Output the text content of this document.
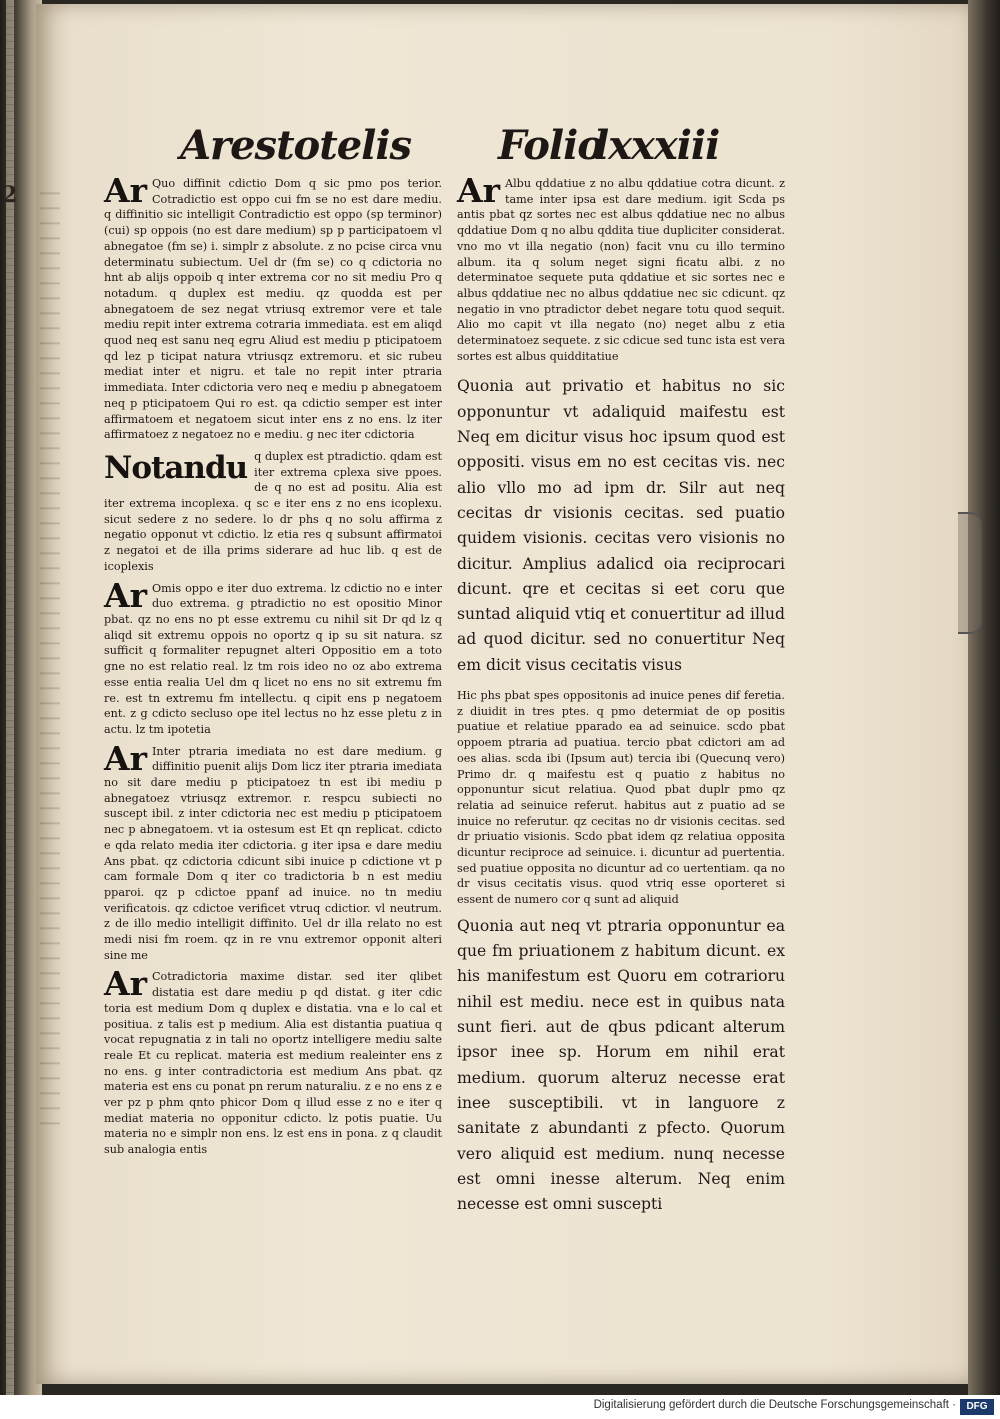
2
Arestotelis Folio
lxxxiii

Ar Quo diffinit cdictio Dom q sic pmo pos terior. Cotradictio est oppo cui fm se no est dare mediu. q diffinitio sic intelligit Contradictio est oppo (sp terminor) (cui) sp oppois (no est dare medium) sp p participatoem vl abnegatoe (fm se) i. simplr z absolute. z no pcise circa vnu determinatu subiectum. Uel dr (fm se) co q cdictoria no hnt ab alijs oppoib q inter extrema cor no sit mediu Pro q notadum. q duplex est mediu. qz quodda est per abnegatoem de sez negat vtriusq extremor vere et tale mediu repit inter extrema cotraria immediata. est em aliqd quod neq est sanu neq egru Aliud est mediu p pticipatoem qd lez p ticipat natura vtriusqz extremoru. et sic rubeu mediat inter et nigru. et tale no repit inter ptraria immediata. Inter cdictoria vero neq e mediu p abnegatoem neq p pticipatoem Qui ro est. qa cdictio semper est inter affirmatoem et negatoem sicut inter ens z no ens. lz iter affirmatoez z negatoez no e mediu. g nec iter cdictoria

Notandu q duplex est ptradictio. qdam est iter extrema cplexa sive ppoes. de q no est ad positu. Alia est iter extrema incoplexa. q sc e iter ens z no ens icoplexu. sicut sedere z no sedere. lo dr phs q no solu affirma z negatio opponut vt cdictio. lz etia res q subsunt affirmatoi z negatoi et de illa prims siderare ad huc lib. q est de icoplexis

Ar Omis oppo e iter duo extrema. lz cdictio no e inter duo extrema. g ptradictio no est opositio Minor pbat. qz no ens no pt esse extremu cu nihil sit Dr qd lz q aliqd sit extremu oppois no oportz q ip su sit natura. sz sufficit q formaliter repugnet alteri Oppositio em a toto gne no est relatio real. lz tm rois ideo no oz abo extrema esse entia realia Uel dm q licet no ens no sit extremu fm re. est tn extremu fm intellectu. q cipit ens p negatoem ent. z g cdicto secluso ope itel lectus no hz esse pletu z in actu. lz tm ipotetia

Ar Inter ptraria imediata no est dare medium. g diffinitio puenit alijs Dom licz iter ptraria imediata no sit dare mediu p pticipatoez tn est ibi mediu p abnegatoez vtriusqz extremor. r. respcu subiecti no suscept ibil. z inter cdictoria nec est mediu p pticipatoem nec p abnegatoem. vt ia ostesum est Et qn replicat. cdicto e qda relato media iter cdictoria. g iter ipsa e dare mediu Ans pbat. qz cdictoria cdicunt sibi inuice p cdictione vt p cam formale Dom q iter co tradictoria b n est mediu pparoi. qz p cdictoe ppanf ad inuice. no tn mediu verificatois. qz cdictoe verificet vtruq cdictior. vl neutrum. z de illo medio intelligit diffinito. Uel dr illa relato no est medi nisi fm roem. qz in re vnu extremor opponit alteri sine me

Ar Cotradictoria maxime distar. sed iter qlibet distatia est dare mediu p qd distat. g iter cdic toria est medium Dom q duplex e distatia. vna e lo cal et positiua. z talis est p medium. Alia est distantia puatiua q vocat repugnatia z in tali no oportz intelligere mediu salte reale Et cu replicat. materia est medium realeinter ens z no ens. g inter contradictoria est medium Ans pbat. qz materia est ens cu ponat pn rerum naturaliu. z e no ens z e ver pz p phm qnto phicor Dom q illud esse z no e iter q mediat materia no opponitur cdicto. lz potis puatie. Uu materia no e simplr non ens. lz est ens in pona. z q claudit sub analogia entis

Ar Albu qddatiue z no albu qddatiue cotra dicunt. z tame inter ipsa est dare medium. igit Scda ps antis pbat qz sortes nec est albus qddatiue nec no albus qddatiue Dom q no albu qddita tiue dupliciter considerat. vno mo vt illa negatio (non) facit vnu cu illo termino album. ita q solum neget signi ficatu albi. z no determinatoe sequete puta qddatiue et sic sortes nec e albus qddatiue nec no albus qddatiue nec sic cdicunt. qz negatio in vno ptradictor debet negare totu quod sequit. Alio mo capit vt illa negato (no) neget albu z etia determinatoez sequete. z sic cdicue sed tunc ista est vera sortes est albus quidditatiue

Quonia aut privatio et habitus no sic opponuntur vt adaliquid maifestu est Neq em dicitur visus hoc ipsum quod est oppositi. visus em no est cecitas vis. nec alio vllo mo ad ipm dr. Silr aut neq cecitas dr visionis cecitas. sed puatio quidem visionis. cecitas vero visionis no dicitur. Amplius adalicd oia reciprocari dicunt. qre et cecitas si eet coru que suntad aliquid vtiq et conuertitur ad illud ad quod dicitur. sed no conuertitur Neq em dicit visus cecitatis visus

Hic phs pbat spes oppositonis ad inuice penes dif feretia. z diuidit in tres ptes. q pmo determiat de op positis puatiue et relatiue pparado ea ad seinuice. scdo pbat oppoem ptraria ad puatiua. tercio pbat cdictori am ad oes alias. scda ibi (Ipsum aut) tercia ibi (Quecunq vero) Primo dr. q maifestu est q puatio z habitus no opponuntur sicut relatiua. Quod pbat duplr pmo qz relatia ad seinuice referut. habitus aut z puatio ad se inuice no referutur. qz cecitas no dr visionis cecitas. sed dr priuatio visionis. Scdo pbat idem qz relatiua opposita dicuntur reciproce ad seinuice. i. dicuntur ad puertentia. sed puatiue opposita no dicuntur ad co uertentiam. qa no dr visus cecitatis visus. quod vtriq esse oporteret si essent de numero cor q sunt ad aliquid

Quonia aut neq vt ptraria opponuntur ea que fm priuationem z habitum dicunt. ex his manifestum est Quoru em cotrarioru nihil est mediu. nece est in quibus nata sunt fieri. aut de qbus pdicant alterum ipsor inee sp. Horum em nihil erat medium. quorum alteruz necesse erat inee susceptibili. vt in languore z sanitate z abundanti z pfecto. Quorum vero aliquid est medium. nunq necesse est omni inesse alterum. Neq enim necesse est omni suscepti

Digitalisierung gefördert durch die Deutsche Forschungsgemeinschaft ·	DFG
